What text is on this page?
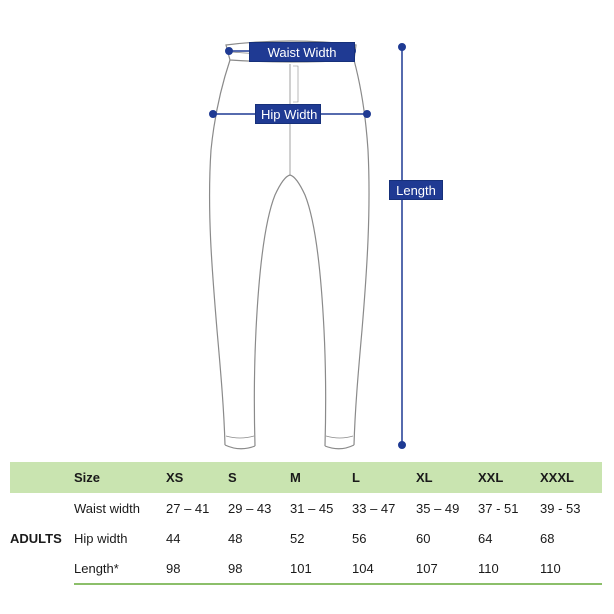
Waist Width
Hip Width
Length
	Size	XS	S	M	L	XL	XXL	XXXL
ADULTS	Waist width	27 – 41	29 – 43	31 – 45	33 – 47	35 – 49	37 - 51	39 - 53
	Hip width	44	48	52	56	60	64	68
	Length*	98	98	101	104	107	110	110
